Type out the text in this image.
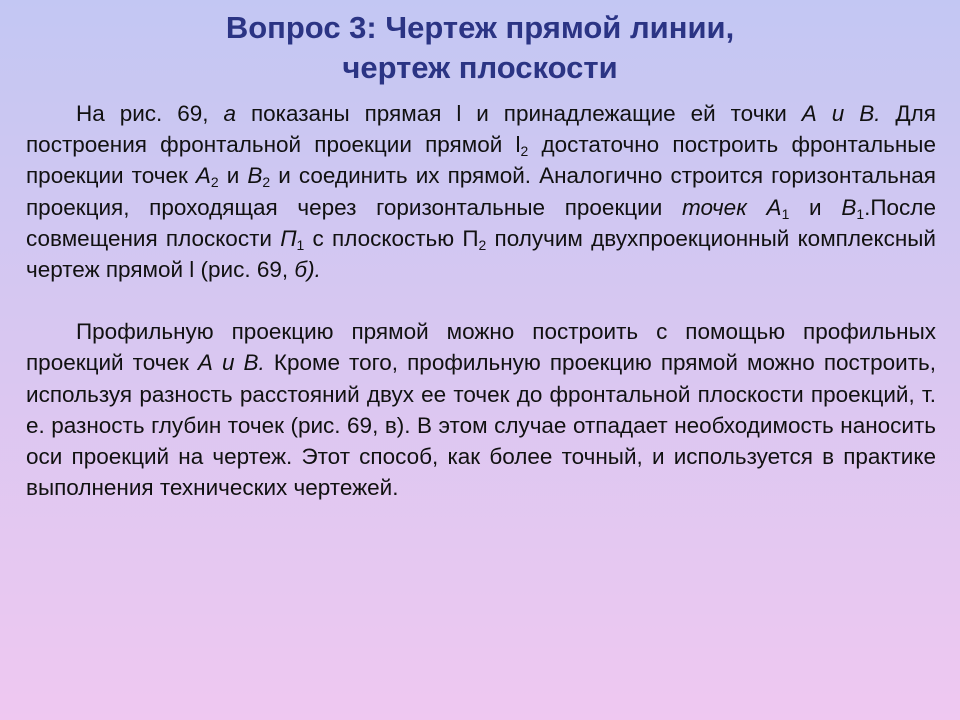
Вопрос 3: Чертеж прямой линии,
чертеж плоскости

На рис. 69, а показаны прямая l и принадлежащие ей точки А и В. Для построения фронтальной проекции прямой $l_2$ достаточно построить фронтальные проекции точек $А_2$ и $В_2$ и соединить их прямой. Аналогично строится горизонтальная проекция, проходящая через горизонтальные проекции точек $А_1$ и $В_1.После$ совмещения плоскости $П_1$ с плоскостью $П_2$ получим двухпроекционный комплексный чертеж прямой l (рис. 69, б).

Профильную проекцию прямой можно построить с помощью профильных проекций точек А и В. Кроме того, профильную проекцию прямой можно построить, используя разность расстояний двух ее точек до фронтальной плоскости проекций, т. е. разность глубин точек (рис. 69, в). В этом случае отпадает необходимость наносить оси проекций на чертеж. Этот способ, как более точный, и используется в практике выполнения технических чертежей.
